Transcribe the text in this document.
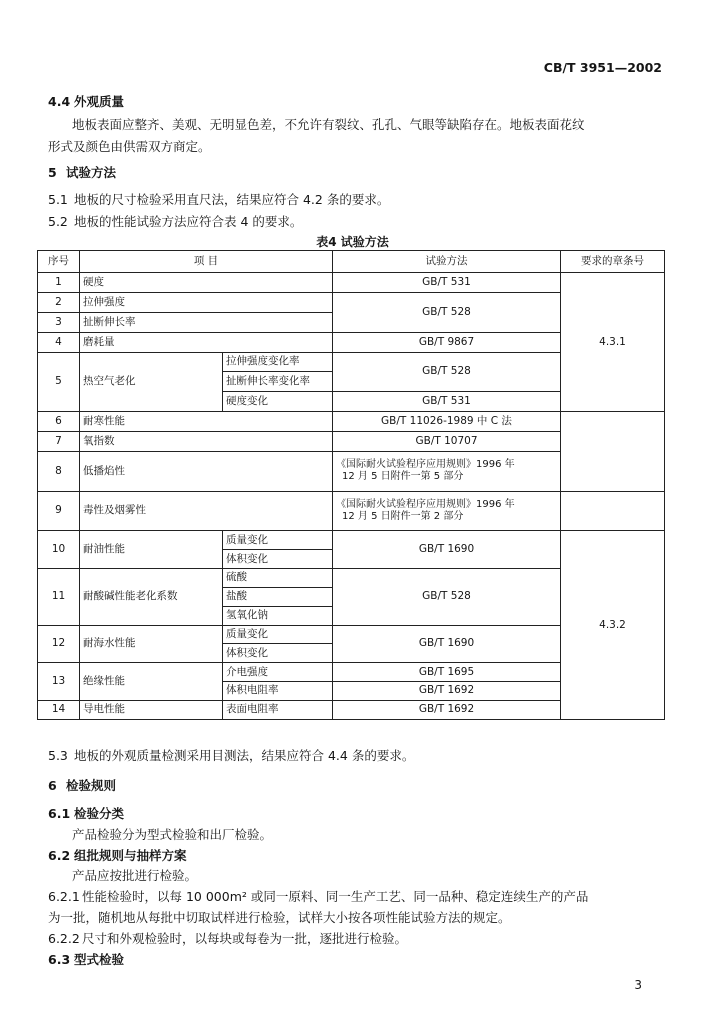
CB/T 3951—2002
4.4 外观质量
地板表面应整齐、美观、无明显色差，不允许有裂纹、孔孔、气眼等缺陷存在。地板表面花纹
形式及颜色由供需双方商定。
5 试验方法
5.1 地板的尺寸检验采用直尺法，结果应符合 4.2 条的要求。
5.2 地板的性能试验方法应符合表 4 的要求。
表4 试验方法
序号	项 目		试验方法	要求的章条号
1	硬度		GB/T 531	4.3.1
2	拉伸强度		GB/T 528	
3	扯断伸长率			
4	磨耗量		GB/T 9867	
5	热空气老化	拉伸强度变化率	GB/T 528	
		扯断伸长率变化率		
		硬度变化	GB/T 531	
6	耐寒性能		GB/T 11026-1989 中 C 法	
7	氧指数		GB/T 10707	
8	低播焰性		《国际耐火试验程序应用规则》1996 年
12 月 5 日附件一第 5 部分	

9	毒性及烟雾性		《国际耐火试验程序应用规则》1996 年
12 月 5 日附件一第 2 部分	

10	耐油性能	质量变化	GB/T 1690	4.3.2
		体积变化		
11	耐酸碱性能老化系数	硫酸	GB/T 528	
		盐酸		
		氢氧化钠		
12	耐海水性能	质量变化	GB/T 1690	
		体积变化		
13	绝缘性能	介电强度	GB/T 1695	
		体积电阻率	GB/T 1692	
14	导电性能	表面电阻率	GB/T 1692	
5.3 地板的外观质量检测采用目测法，结果应符合 4.4 条的要求。
6 检验规则
6.1 检验分类
产品检验分为型式检验和出厂检验。
6.2 组批规则与抽样方案
产品应按批进行检验。
6.2.1 性能检验时，以每 10 000m² 或同一原料、同一生产工艺、同一品种、稳定连续生产的产品
为一批，随机地从每批中切取试样进行检验，试样大小按各项性能试验方法的规定。
6.2.2 尺寸和外观检验时，以每块或每卷为一批，逐批进行检验。
6.3 型式检验
3
